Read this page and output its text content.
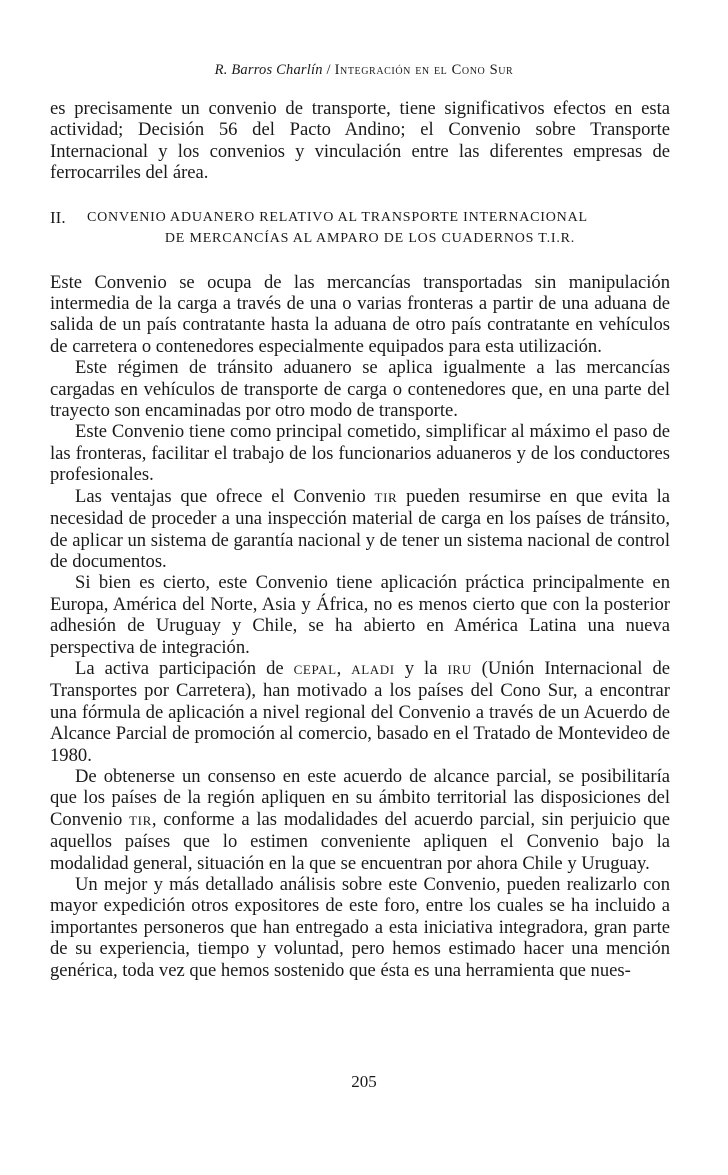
R. Barros Charlín / Integración en el Cono Sur

es precisamente un convenio de transporte, tiene significativos efectos en esta actividad; Decisión 56 del Pacto Andino; el Convenio sobre Transporte Internacional y los convenios y vinculación entre las diferentes empresas de ferrocarriles del área.

II.	CONVENIO ADUANERO RELATIVO AL TRANSPORTE INTERNACIONAL
DE MERCANCÍAS AL AMPARO DE LOS CUADERNOS T.I.R.

Este Convenio se ocupa de las mercancías transportadas sin manipulación intermedia de la carga a través de una o varias fronteras a partir de una aduana de salida de un país contratante hasta la aduana de otro país contratante en vehículos de carretera o contenedores especialmente equipados para esta utilización.

Este régimen de tránsito aduanero se aplica igualmente a las mercancías cargadas en vehículos de transporte de carga o contenedores que, en una parte del trayecto son encaminadas por otro modo de transporte.

Este Convenio tiene como principal cometido, simplificar al máximo el paso de las fronteras, facilitar el trabajo de los funcionarios aduaneros y de los conductores profesionales.

Las ventajas que ofrece el Convenio TIR pueden resumirse en que evita la necesidad de proceder a una inspección material de carga en los países de tránsito, de aplicar un sistema de garantía nacional y de tener un sistema nacional de control de documentos.

Si bien es cierto, este Convenio tiene aplicación práctica principalmente en Europa, América del Norte, Asia y África, no es menos cierto que con la posterior adhesión de Uruguay y Chile, se ha abierto en América Latina una nueva perspectiva de integración.

La activa participación de CEPAL, ALADI y la IRU (Unión Internacional de Transportes por Carretera), han motivado a los países del Cono Sur, a encontrar una fórmula de aplicación a nivel regional del Convenio a través de un Acuerdo de Alcance Parcial de promoción al comercio, basado en el Tratado de Montevideo de 1980.

De obtenerse un consenso en este acuerdo de alcance parcial, se posibilitaría que los países de la región apliquen en su ámbito territorial las disposiciones del Convenio TIR, conforme a las modalidades del acuerdo parcial, sin perjuicio que aquellos países que lo estimen conveniente apliquen el Convenio bajo la modalidad general, situación en la que se encuentran por ahora Chile y Uruguay.

Un mejor y más detallado análisis sobre este Convenio, pueden realizarlo con mayor expedición otros expositores de este foro, entre los cuales se ha incluido a importantes personeros que han entregado a esta iniciativa integradora, gran parte de su experiencia, tiempo y voluntad, pero hemos estimado hacer una mención genérica, toda vez que hemos sostenido que ésta es una herramienta que nues-

205
